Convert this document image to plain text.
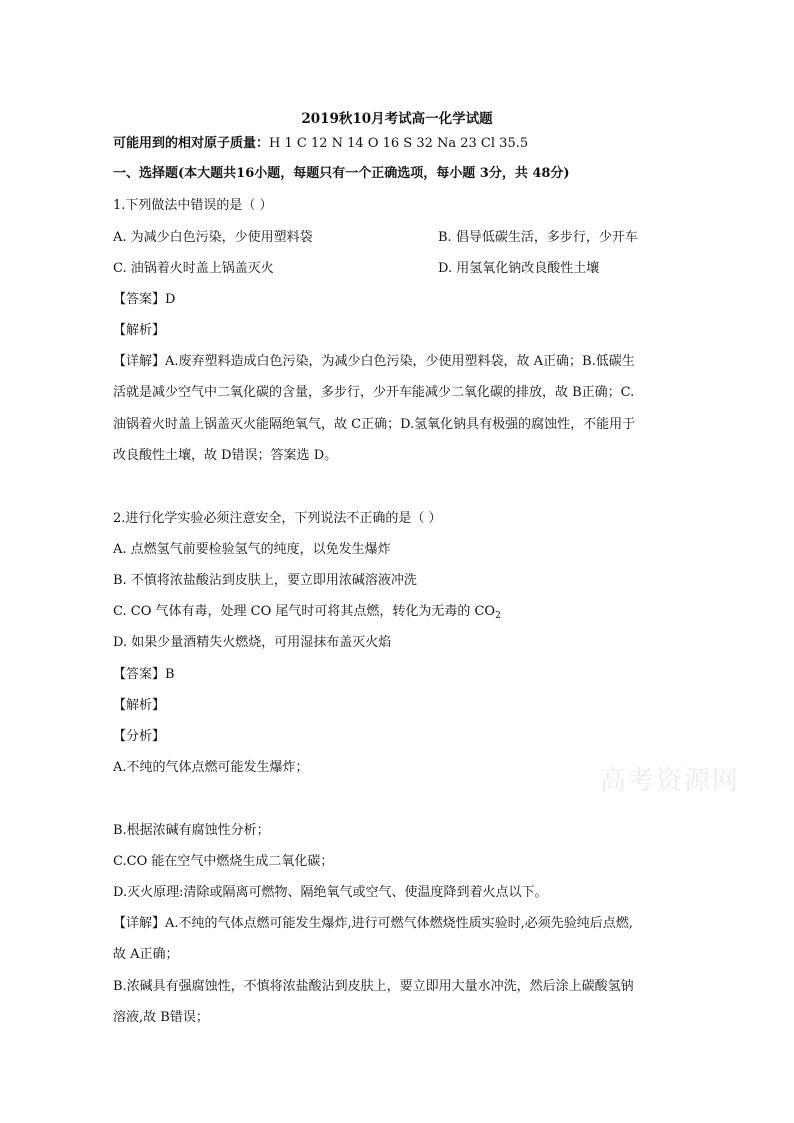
2019秋10月考试高一化学试题
可能用到的相对原子质量：H 1 C 12 N 14 O 16 S 32 Na 23 Cl 35.5
一、选择题(本大题共16小题，每题只有一个正确选项，每小题 3分，共 48分)
1.下列做法中错误的是（ ）
A. 为减少白色污染，少使用塑料袋	B. 倡导低碳生活，多步行，少开车
C. 油锅着火时盖上锅盖灭火	D. 用氢氧化钠改良酸性土壤
【答案】D
【解析】
【详解】A.废弃塑料造成白色污染，为减少白色污染，少使用塑料袋，故 A正确；B.低碳生
活就是减少空气中二氧化碳的含量，多步行，少开车能减少二氧化碳的排放，故 B正确；C.
油锅着火时盖上锅盖灭火能隔绝氧气，故 C正确；D.氢氧化钠具有极强的腐蚀性，不能用于
改良酸性土壤，故 D错误；答案选 D。
2.进行化学实验必须注意安全，下列说法不正确的是（ ）
A. 点燃氢气前要检验氢气的纯度，以免发生爆炸
B. 不慎将浓盐酸沾到皮肤上，要立即用浓碱溶液冲洗
C. CO 气体有毒，处理 CO 尾气时可将其点燃，转化为无毒的 $CO_2$
D. 如果少量酒精失火燃烧，可用湿抹布盖灭火焰
【答案】B
【解析】
【分析】
A.不纯的气体点燃可能发生爆炸；
B.根据浓碱有腐蚀性分析；
C.CO 能在空气中燃烧生成二氧化碳；
D.灭火原理:清除或隔离可燃物、隔绝氧气或空气、使温度降到着火点以下。
【详解】A.不纯的气体点燃可能发生爆炸,进行可燃气体燃烧性质实验时,必须先验纯后点燃,
故 A正确；
B.浓碱具有强腐蚀性，不慎将浓盐酸沾到皮肤上，要立即用大量水冲洗，然后涂上碳酸氢钠
溶液,故 B错误；
高考资源网
